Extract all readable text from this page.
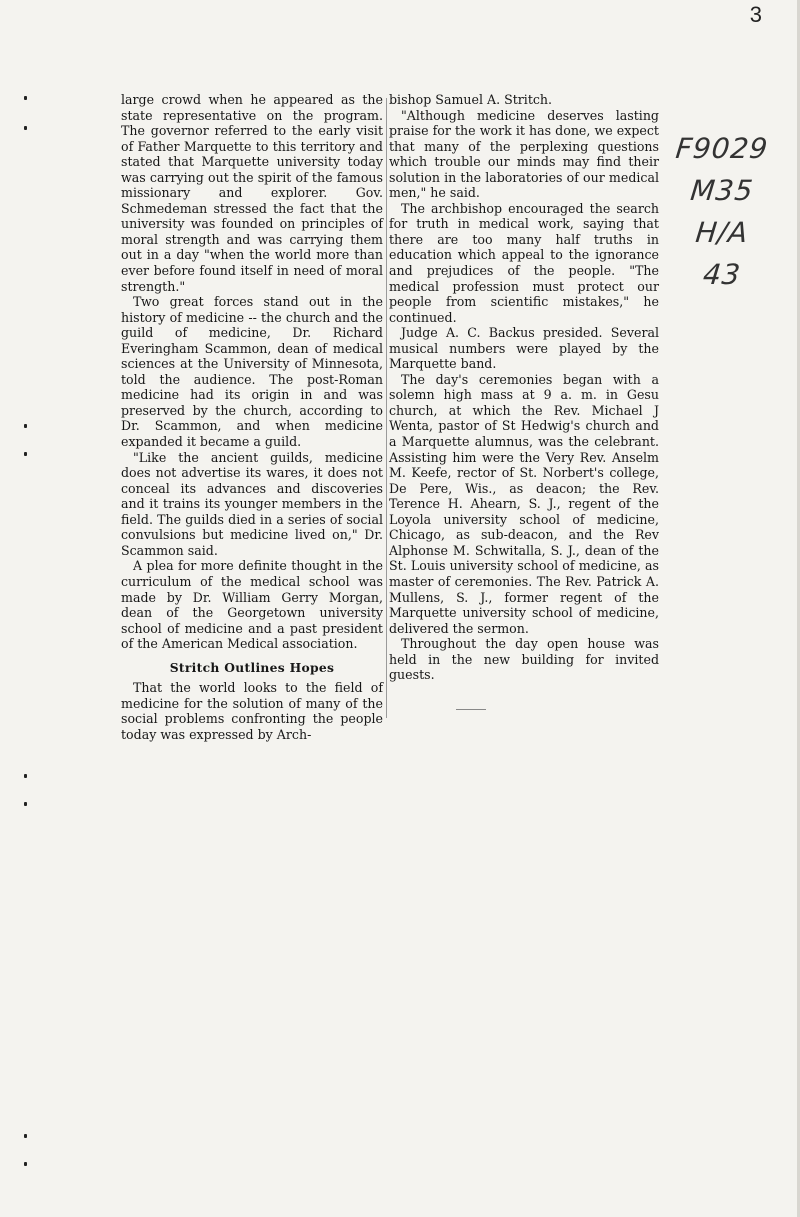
3

large crowd when he appeared as the state representative on the program. The governor referred to the early visit of Father Marquette to this territory and stated that Marquette university today was carrying out the spirit of the famous missionary and explorer. Gov. Schmedeman stressed the fact that the university was founded on principles of moral strength and was carrying them out in a day "when the world more than ever before found itself in need of moral strength."

Two great forces stand out in the history of medicine -- the church and the guild of medicine, Dr. Richard Everingham Scammon, dean of medical sciences at the University of Minnesota, told the audience. The post-Roman medicine had its origin in and was preserved by the church, according to Dr. Scammon, and when medicine expanded it became a guild.

"Like the ancient guilds, medicine does not advertise its wares, it does not conceal its advances and discoveries and it trains its younger members in the field. The guilds died in a series of social convulsions but medicine lived on," Dr. Scammon said.

A plea for more definite thought in the curriculum of the medical school was made by Dr. William Gerry Morgan, dean of the Georgetown university school of medicine and a past president of the American Medical association.

Stritch Outlines Hopes

That the world looks to the field of medicine for the solution of many of the social problems confronting the people today was expressed by Arch-

bishop Samuel A. Stritch.

"Although medicine deserves lasting praise for the work it has done, we expect that many of the perplexing questions which trouble our minds may find their solution in the laboratories of our medical men," he said.

The archbishop encouraged the search for truth in medical work, saying that there are too many half truths in education which appeal to the ignorance and prejudices of the people. "The medical profession must protect our people from scientific mistakes," he continued.

Judge A. C. Backus presided. Several musical numbers were played by the Marquette band.

The day's ceremonies began with a solemn high mass at 9 a. m. in Gesu church, at which the Rev. Michael J Wenta, pastor of St Hedwig's church and a Marquette alumnus, was the celebrant. Assisting him were the Very Rev. Anselm M. Keefe, rector of St. Norbert's college, De Pere, Wis., as deacon; the Rev. Terence H. Ahearn, S. J., regent of the Loyola university school of medicine, Chicago, as sub-deacon, and the Rev Alphonse M. Schwitalla, S. J., dean of the St. Louis university school of medicine, as master of ceremonies. The Rev. Patrick A. Mullens, S. J., former regent of the Marquette university school of medicine, delivered the sermon.

Throughout the day open house was held in the new building for invited guests.

F9029
M35
H/A
43
